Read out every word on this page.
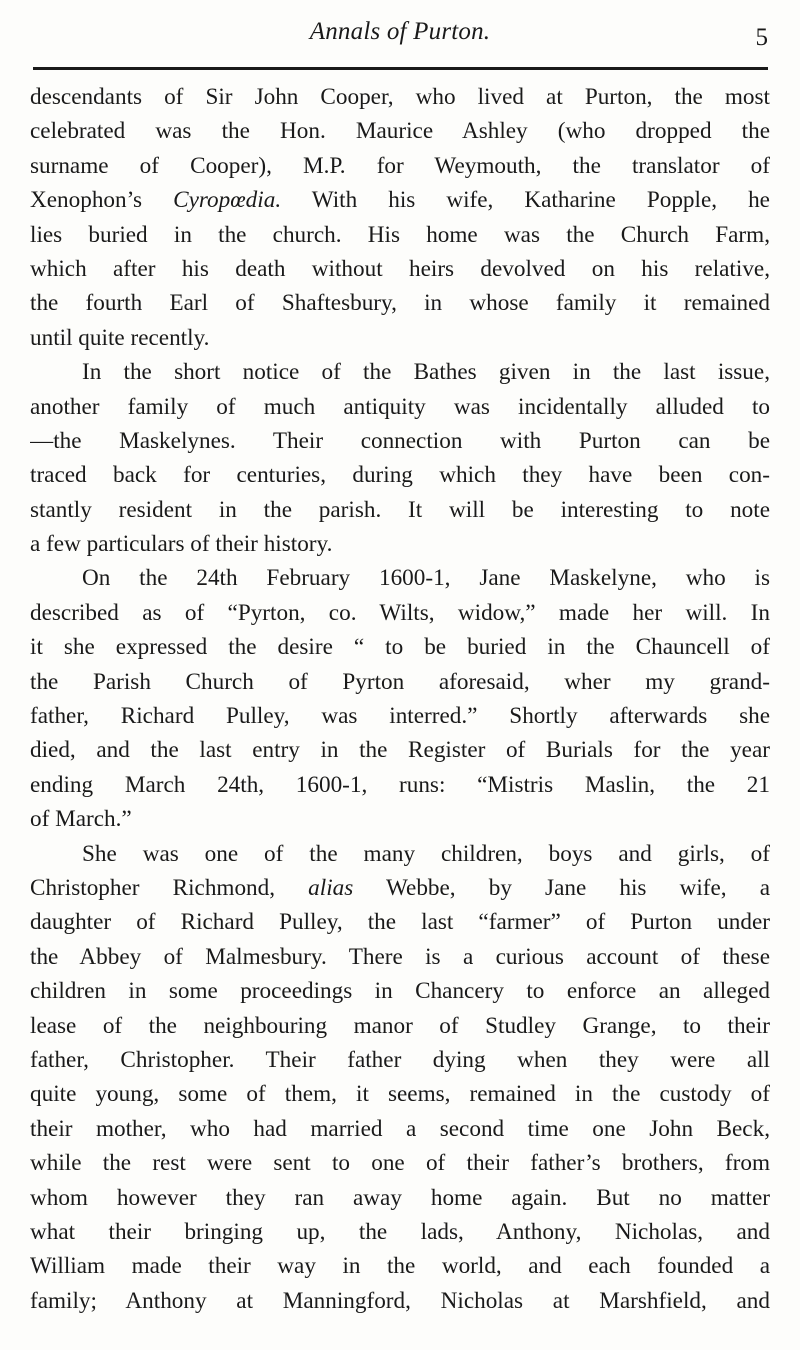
Annals of Purton.	5
descendants of Sir John Cooper, who lived at Purton, the most
celebrated was the Hon. Maurice Ashley (who dropped the
surname of Cooper), M.P. for Weymouth, the translator of
Xenophon’s Cyropœdia. With his wife, Katharine Popple, he
lies buried in the church. His home was the Church Farm,
which after his death without heirs devolved on his relative,
the fourth Earl of Shaftesbury, in whose family it remained
until quite recently.
In the short notice of the Bathes given in the last issue,
another family of much antiquity was incidentally alluded to
—the Maskelynes. Their connection with Purton can be
traced back for centuries, during which they have been con-
stantly resident in the parish. It will be interesting to note
a few particulars of their history.
On the 24th February 1600-1, Jane Maskelyne, who is
described as of “Pyrton, co. Wilts, widow,” made her will. In
it she expressed the desire “ to be buried in the Chauncell of
the Parish Church of Pyrton aforesaid, wher my grand-
father, Richard Pulley, was interred.” Shortly afterwards she
died, and the last entry in the Register of Burials for the year
ending March 24th, 1600-1, runs: “Mistris Maslin, the 21
of March.”
She was one of the many children, boys and girls, of
Christopher Richmond, alias Webbe, by Jane his wife, a
daughter of Richard Pulley, the last “farmer” of Purton under
the Abbey of Malmesbury. There is a curious account of these
children in some proceedings in Chancery to enforce an alleged
lease of the neighbouring manor of Studley Grange, to their
father, Christopher. Their father dying when they were all
quite young, some of them, it seems, remained in the custody of
their mother, who had married a second time one John Beck,
while the rest were sent to one of their father’s brothers, from
whom however they ran away home again. But no matter
what their bringing up, the lads, Anthony, Nicholas, and
William made their way in the world, and each founded a
family; Anthony at Manningford, Nicholas at Marshfield, and
